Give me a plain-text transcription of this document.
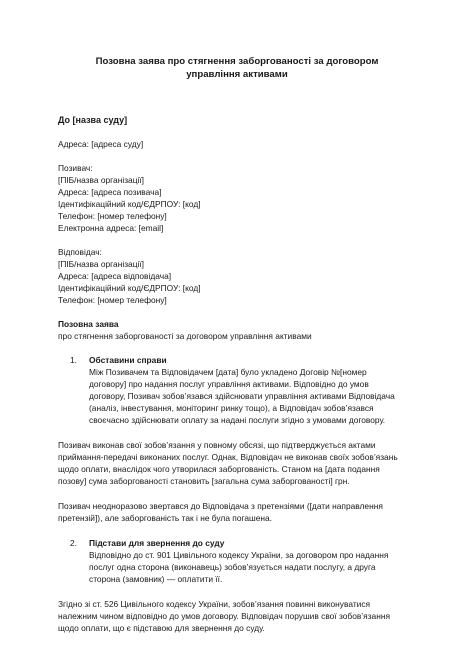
Позовна заява про стягнення заборгованості за договором управління активами
До [назва суду]
Адреса: [адреса суду]
Позивач:
[ПІБ/назва організації]
Адреса: [адреса позивача]
Ідентифікаційний код/ЄДРПОУ: [код]
Телефон: [номер телефону]
Електронна адреса: [email]
Відповідач:
[ПІБ/назва організації]
Адреса: [адреса відповідача]
Ідентифікаційний код/ЄДРПОУ: [код]
Телефон: [номер телефону]
Позовна заява
про стягнення заборгованості за договором управління активами
1. Обставини справи
Між Позивачем та Відповідачем [дата] було укладено Договір №[номер
договору] про надання послуг управління активами. Відповідно до умов
договору, Позивач зобов’язався здійснювати управління активами Відповідача
(аналіз, інвестування, моніторинг ринку тощо), а Відповідач зобов’язався
своєчасно здійснювати оплату за надані послуги згідно з умовами договору.
Позивач виконав свої зобов’язання у повному обсязі, що підтверджується актами
приймання-передачі виконаних послуг. Однак, Відповідач не виконав своїх зобов’язань
щодо оплати, внаслідок чого утворилася заборгованість. Станом на [дата подання
позову] сума заборгованості становить [загальна сума заборгованості] грн.
Позивач неодноразово звертався до Відповідача з претензіями ([дати направлення
претензій]), але заборгованість так і не була погашена.
2. Підстави для звернення до суду
Відповідно до ст. 901 Цивільного кодексу України, за договором про надання
послуг одна сторона (виконавець) зобов’язується надати послугу, а друга
сторона (замовник) — оплатити її.
Згідно зі ст. 526 Цивільного кодексу України, зобов’язання повинні виконуватися
належним чином відповідно до умов договору. Відповідач порушив свої зобов’язання
щодо оплати, що є підставою для звернення до суду.
